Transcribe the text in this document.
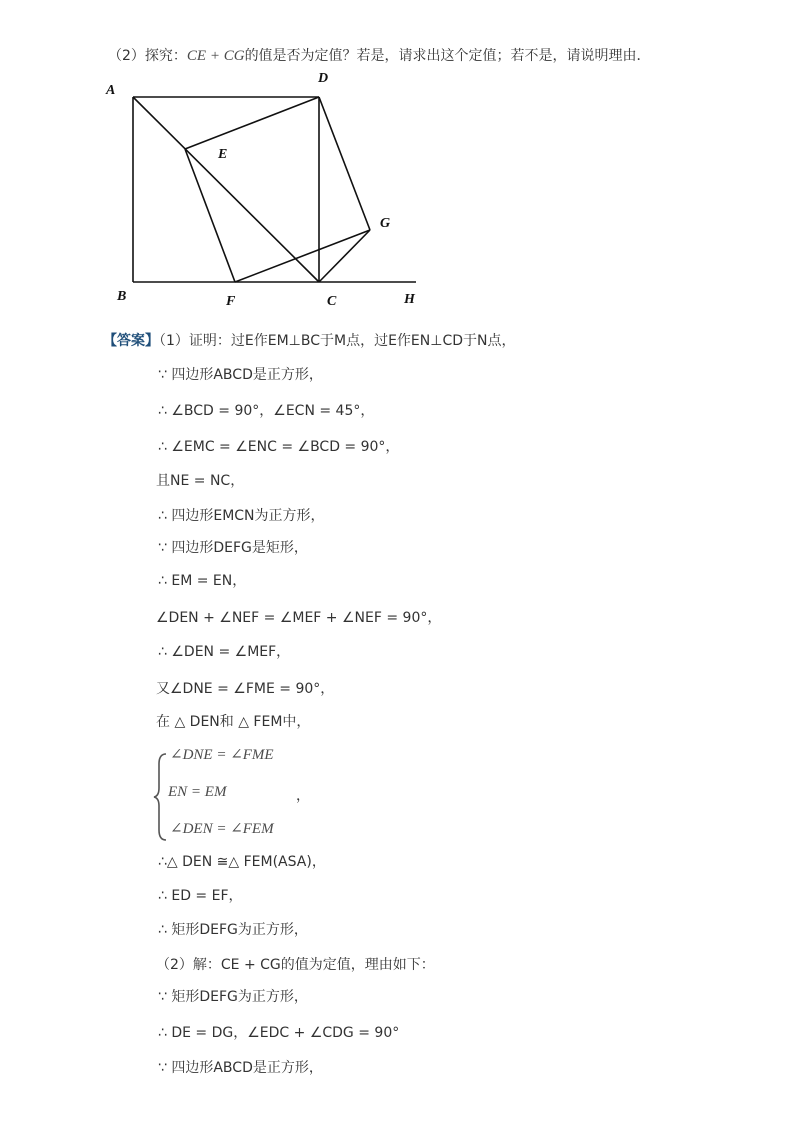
（2）探究：CE + CG的值是否为定值？若是，请求出这个定值；若不是，请说明理由．
A
D
E
G
B	F	C	H
【答案】（1）证明：过E作EM⊥BC于M点，过E作EN⊥CD于N点，
∵ 四边形ABCD是正方形，
∴ ∠BCD = 90°，∠ECN = 45°，
∴ ∠EMC = ∠ENC = ∠BCD = 90°，
且NE = NC，
∴ 四边形EMCN为正方形，
∵ 四边形DEFG是矩形，
∴ EM = EN，
∠DEN + ∠NEF = ∠MEF + ∠NEF = 90°，
∴ ∠DEN = ∠MEF，
又∠DNE = ∠FME = 90°，
在 △ DEN和 △ FEM中，
∠DNE = ∠FME
EN = EM	，
∠DEN = ∠FEM
∴△ DEN ≅△ FEM(ASA)，
∴ ED = EF，
∴ 矩形DEFG为正方形，
（2）解：CE + CG的值为定值，理由如下：
∵ 矩形DEFG为正方形，
∴ DE = DG，∠EDC + ∠CDG = 90°
∵ 四边形ABCD是正方形，
